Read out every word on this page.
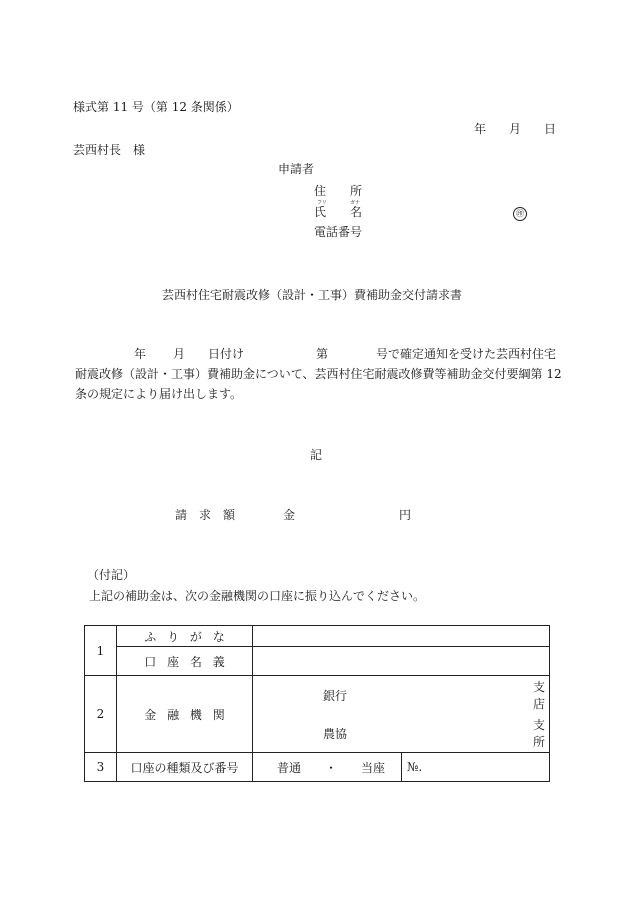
様式第 11 号（第 12 条関係）
年 月 日
芸西村長　様
申請者
住　　所
フリ	ガナ
氏　　名	㊞
電話番号
芸西村住宅耐震改修（設計・工事）費補助金交付請求書
年 月 日付け	第	号で確定通知を受けた芸西村住宅
耐震改修（設計・工事）費補助金について、芸西村住宅耐震改修費等補助金交付要綱第 12
条の規定により届け出します。
記
請　求　額	金	円
（付記）
上記の補助金は、次の金融機関の口座に振り込んでください。
1	ふりがな	
口座名義	
2	金融機関	
	銀行		支店
	農協		支所

3	口座の種類及び番号	普通 ・ 当座	№.
